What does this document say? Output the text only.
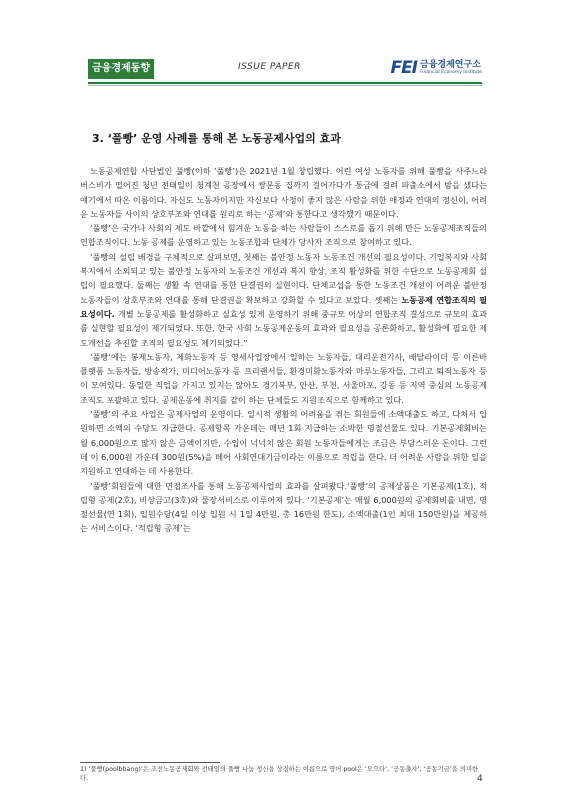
금융경제동향	ISSUE PAPER	FEI 금융경제연구소
Financial Economy Institute
3. ‘풀빵’ 운영 사례를 통해 본 노동공제사업의 효과

노동공제연합 사단법인 풀빵(이하 ‘풀빵’)은 2021년 1월 창립했다. 어린 여성 노동자를 위해 풀빵을 사주느라 버스비가 떨어진 청년 전태일이 청계천 공장에서 쌍문동 집까지 걸어가다가 통금에 걸려 파출소에서 밤을 샜다는 얘기에서 따온 이름이다. 자신도 노동자이지만 자신보다 사정이 좋지 않은 사람을 위한 애정과 연대의 정신이, 어려운 노동자들 사이의 상호부조와 연대를 원리로 하는 ‘공제’와 통한다고 생각했기 때문이다.

‘풀빵’은 국가나 사회의 제도 바깥에서 힘겨운 노동을 하는 사람들이 스스로를 돕기 위해 만든 노동공제조직들의 연합조직이다. 노동 공제를 운영하고 있는 노동조합과 단체가 당사자 조직으로 참여하고 있다.

‘풀빵의 설립 배경을 구체적으로 살펴보면, 첫째는 불안정 노동자 노동조건 개선의 필요성이다. 기업복지와 사회복지에서 소외되고 있는 불안정 노동자의 노동조건 개선과 복지 향상, 조직 활성화를 위한 수단으로 노동공제회 설립이 필요했다. 둘째는 생활 속 연대를 통한 단결권의 실현이다. 단체교섭을 통한 노동조건 개선이 어려운 불안정 노동자들이 상호부조와 연대를 통해 단결권을 확보하고 강화할 수 있다고 보았다. 셋째는 노동공제 연합조직의 필요성이다. 개별 노동공제를 활성화하고 실효성 있게 운영하기 위해 중규모 이상의 연합조직 결성으로 규모의 효과를 실현할 필요성이 제기되었다. 또한, 한국 사회 노동공제운동의 효과와 필요성을 공론화하고, 활성화에 필요한 제도개선을 추진할 조직의 필요성도 제기되었다.”

‘풀빵’에는 봉제노동자, 제화노동자 등 영세사업장에서 일하는 노동자들, 대리운전기사, 배달라이더 등 이른바 플랫폼 노동자들, 방송작가, 미디어노동자 등 프리랜서들, 환경미화노동자와 마루노동자들, 그리고 퇴직노동자 등이 모여있다. 동일한 직업을 가지고 있지는 않아도 경기북부, 안산, 부천, 서울마포, 강동 등 지역 중심의 노동공제조직도 포괄하고 있다. 공제운동에 취지를 같이 하는 단체들도 지원조직으로 함께하고 있다.

‘풀빵’의 주요 사업은 공제사업의 운영이다. 일시적 생활의 어려움을 겪는 회원들에 소액대출도 하고, 다쳐서 입원하면 소액의 수당도 지급한다. 공제항목 가운데는 매년 1회 지급하는 소박한 명절선물도 있다. 기본공제회비는 월 6,000원으로 많지 않은 금액이지만, 수입이 넉넉치 않은 회원 노동자들에게는 조금은 부담스러운 돈이다. 그런데 이 6,000원 가운데 300원(5%)을 떼어 사회연대기금이라는 이름으로 적립을 한다. 더 어려운 사람을 위한 일을 지원하고 연대하는 데 사용한다.

‘풀빵’회원들에 대한 면접조사를 통해 노동공제사업의 효과를 살펴봤다.‘풀빵’의 공제상품은 기본공제(1호), 적립형 공제(2호), 비상금고(3호)와 물장서비스로 이루어져 있다. ‘기본공제’는 매월 6,000원의 공제회비를 내면, 명절선물(연 1회), 입원수당(4일 이상 입원 시 1일 4만원, 총 16만원 한도), 소액대출(1인 최대 150만원)을 제공하는 서비스이다. ‘적립형 공제’는

1) ‘풀빵(poolbbang)’은 조선노동공제회와 전태일의 풀빵 나눔 정신을 상징하는 이름으로 영어 pool은 ‘모으다’, ‘공동출자’, ‘공동기금’을 의미한다.	4
